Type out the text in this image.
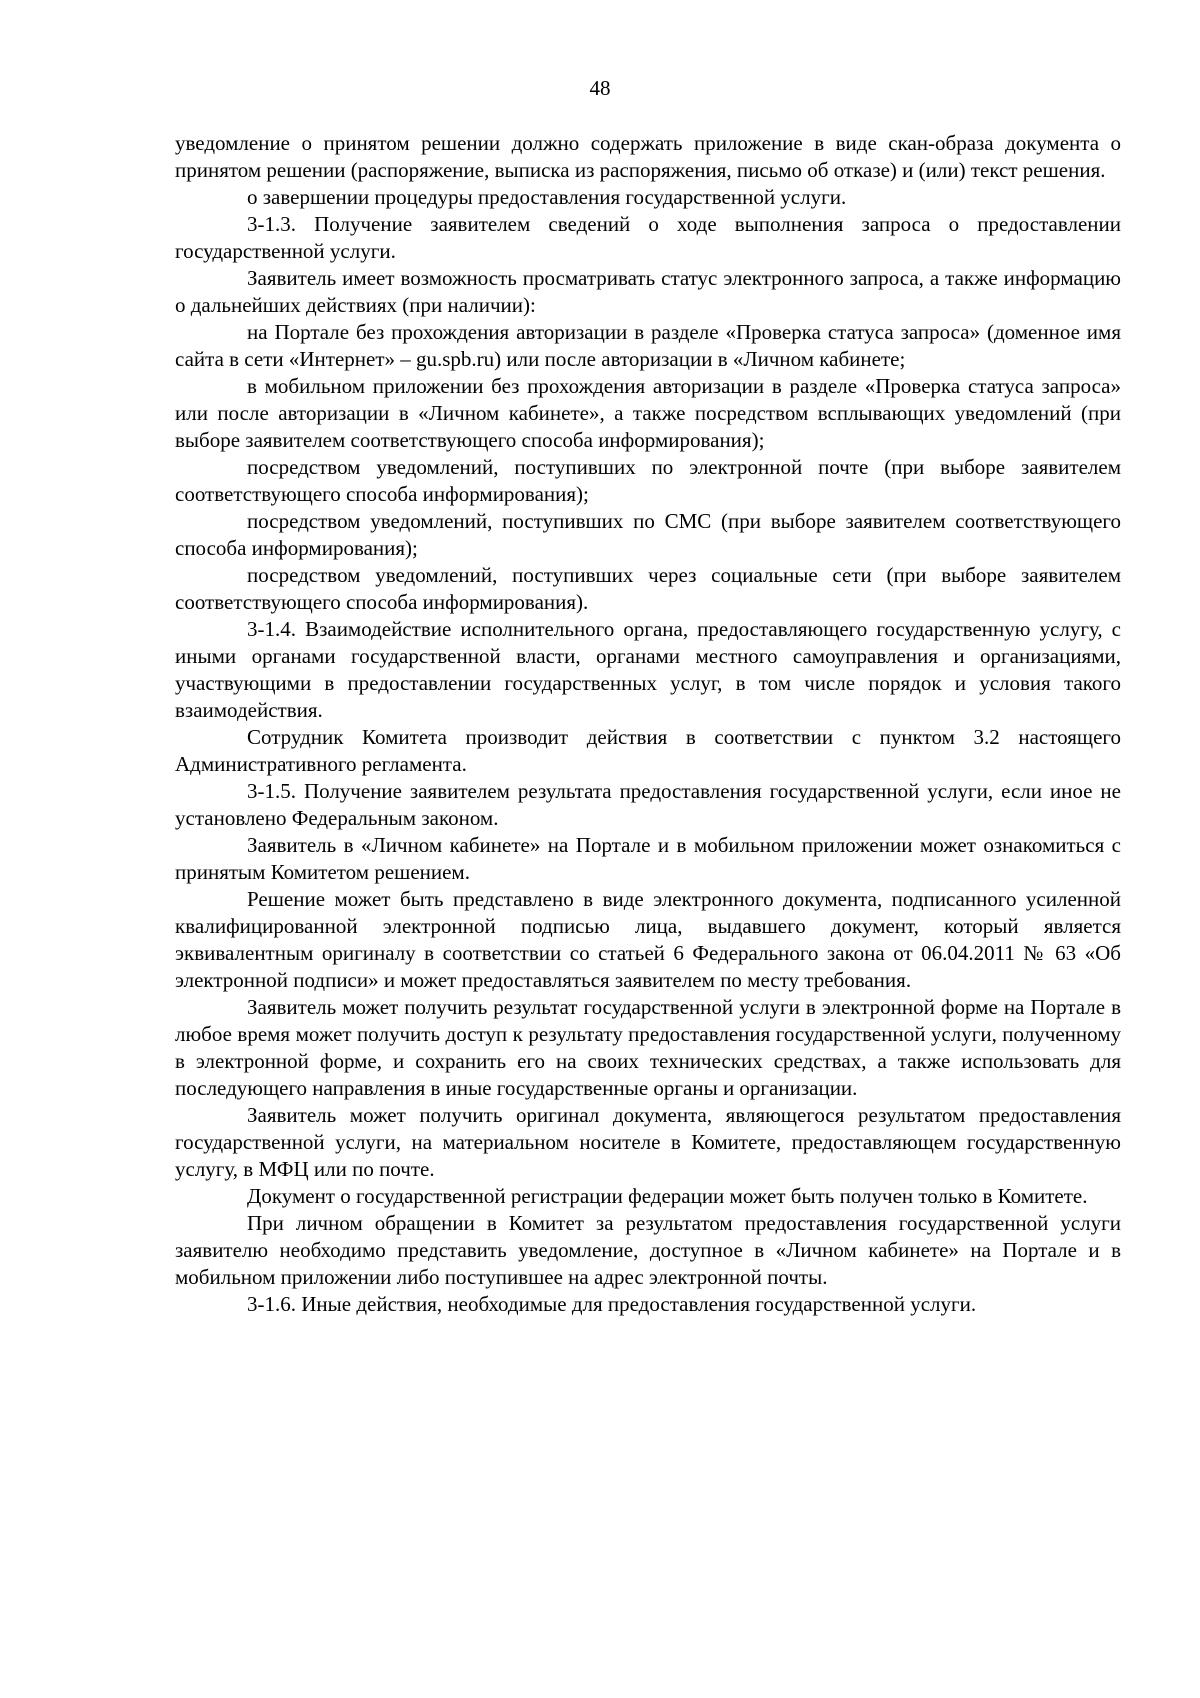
48

уведомление о принятом решении должно содержать приложение в виде скан-образа документа о принятом решении (распоряжение, выписка из распоряжения, письмо об отказе) и (или) текст решения.

о завершении процедуры предоставления государственной услуги.

3-1.3. Получение заявителем сведений о ходе выполнения запроса о предоставлении государственной услуги.

Заявитель имеет возможность просматривать статус электронного запроса, а также информацию о дальнейших действиях (при наличии):

на Портале без прохождения авторизации в разделе «Проверка статуса запроса» (доменное имя сайта в сети «Интернет» – gu.spb.ru) или после авторизации в «Личном кабинете;

в мобильном приложении без прохождения авторизации в разделе «Проверка статуса запроса» или после авторизации в «Личном кабинете», а также посредством всплывающих уведомлений (при выборе заявителем соответствующего способа информирования);

посредством уведомлений, поступивших по электронной почте (при выборе заявителем соответствующего способа информирования);

посредством уведомлений, поступивших по СМС (при выборе заявителем соответствующего способа информирования);

посредством уведомлений, поступивших через социальные сети (при выборе заявителем соответствующего способа информирования).

3-1.4. Взаимодействие исполнительного органа, предоставляющего государственную услугу, с иными органами государственной власти, органами местного самоуправления и организациями, участвующими в предоставлении государственных услуг, в том числе порядок и условия такого взаимодействия.

Сотрудник Комитета производит действия в соответствии с пунктом 3.2 настоящего Административного регламента.

3-1.5. Получение заявителем результата предоставления государственной услуги, если иное не установлено Федеральным законом.

Заявитель в «Личном кабинете» на Портале и в мобильном приложении может ознакомиться с принятым Комитетом решением.

Решение может быть представлено в виде электронного документа, подписанного усиленной квалифицированной электронной подписью лица, выдавшего документ, который является эквивалентным оригиналу в соответствии со статьей 6 Федерального закона от 06.04.2011 № 63 «Об электронной подписи» и может предоставляться заявителем по месту требования.

Заявитель может получить результат государственной услуги в электронной форме на Портале в любое время может получить доступ к результату предоставления государственной услуги, полученному в электронной форме, и сохранить его на своих технических средствах, а также использовать для последующего направления в иные государственные органы и организации.

Заявитель может получить оригинал документа, являющегося результатом предоставления государственной услуги, на материальном носителе в Комитете, предоставляющем государственную услугу, в МФЦ или по почте.

Документ о государственной регистрации федерации может быть получен только в Комитете.

При личном обращении в Комитет за результатом предоставления государственной услуги заявителю необходимо представить уведомление, доступное в «Личном кабинете» на Портале и в мобильном приложении либо поступившее на адрес электронной почты.

3-1.6. Иные действия, необходимые для предоставления государственной услуги.
